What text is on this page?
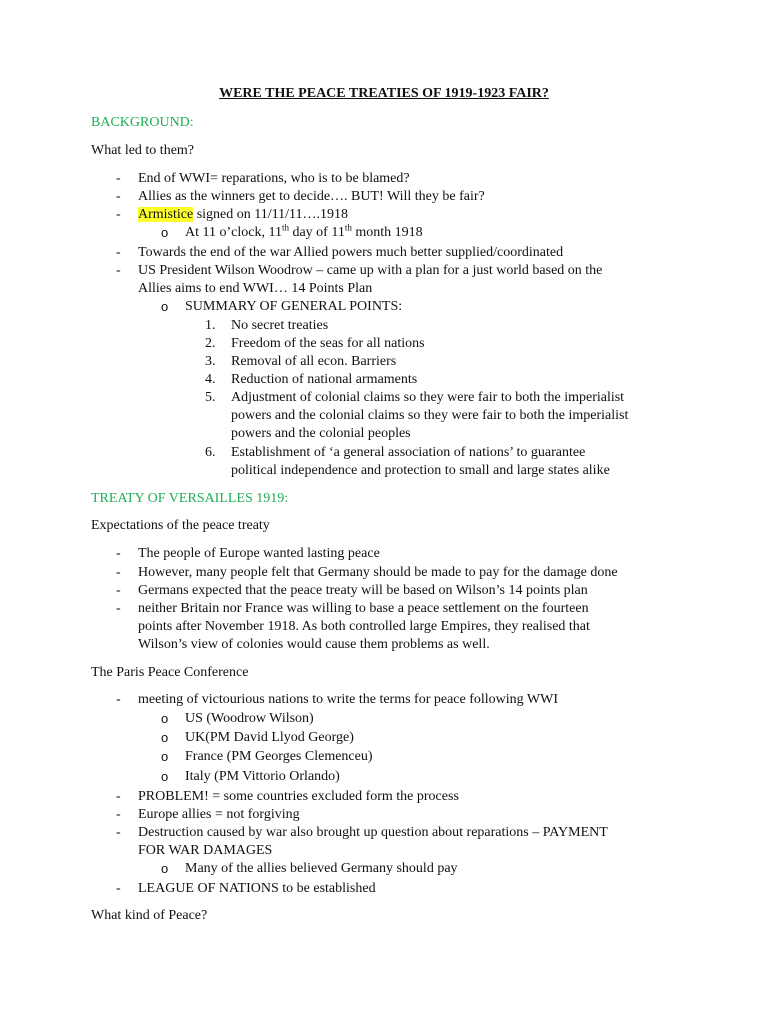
WERE THE PEACE TREATIES OF 1919-1923 FAIR?
BACKGROUND:
What led to them?
- End of WWI= reparations, who is to be blamed?
- Allies as the winners get to decide…. BUT! Will they be fair?
- Armistice signed on 11/11/11….1918
o At 11 o’clock, 11th day of 11th month 1918
- Towards the end of the war Allied powers much better supplied/coordinated
- US President Wilson Woodrow – came up with a plan for a just world based on the
Allies aims to end WWI… 14 Points Plan
o SUMMARY OF GENERAL POINTS:
1. No secret treaties
2. Freedom of the seas for all nations
3. Removal of all econ. Barriers
4. Reduction of national armaments
5. Adjustment of colonial claims so they were fair to both the imperialist
powers and the colonial claims so they were fair to both the imperialist
powers and the colonial peoples
6. Establishment of ‘a general association of nations’ to guarantee
political independence and protection to small and large states alike
TREATY OF VERSAILLES 1919:
Expectations of the peace treaty
- The people of Europe wanted lasting peace
- However, many people felt that Germany should be made to pay for the damage done
- Germans expected that the peace treaty will be based on Wilson’s 14 points plan
- neither Britain nor France was willing to base a peace settlement on the fourteen
points after November 1918. As both controlled large Empires, they realised that
Wilson’s view of colonies would cause them problems as well.
The Paris Peace Conference
- meeting of victourious nations to write the terms for peace following WWI
o US (Woodrow Wilson)
o UK(PM David Llyod George)
o France (PM Georges Clemenceu)
o Italy (PM Vittorio Orlando)
- PROBLEM! = some countries excluded form the process
- Europe allies = not forgiving
- Destruction caused by war also brought up question about reparations – PAYMENT
FOR WAR DAMAGES
o Many of the allies believed Germany should pay
- LEAGUE OF NATIONS to be established
What kind of Peace?
